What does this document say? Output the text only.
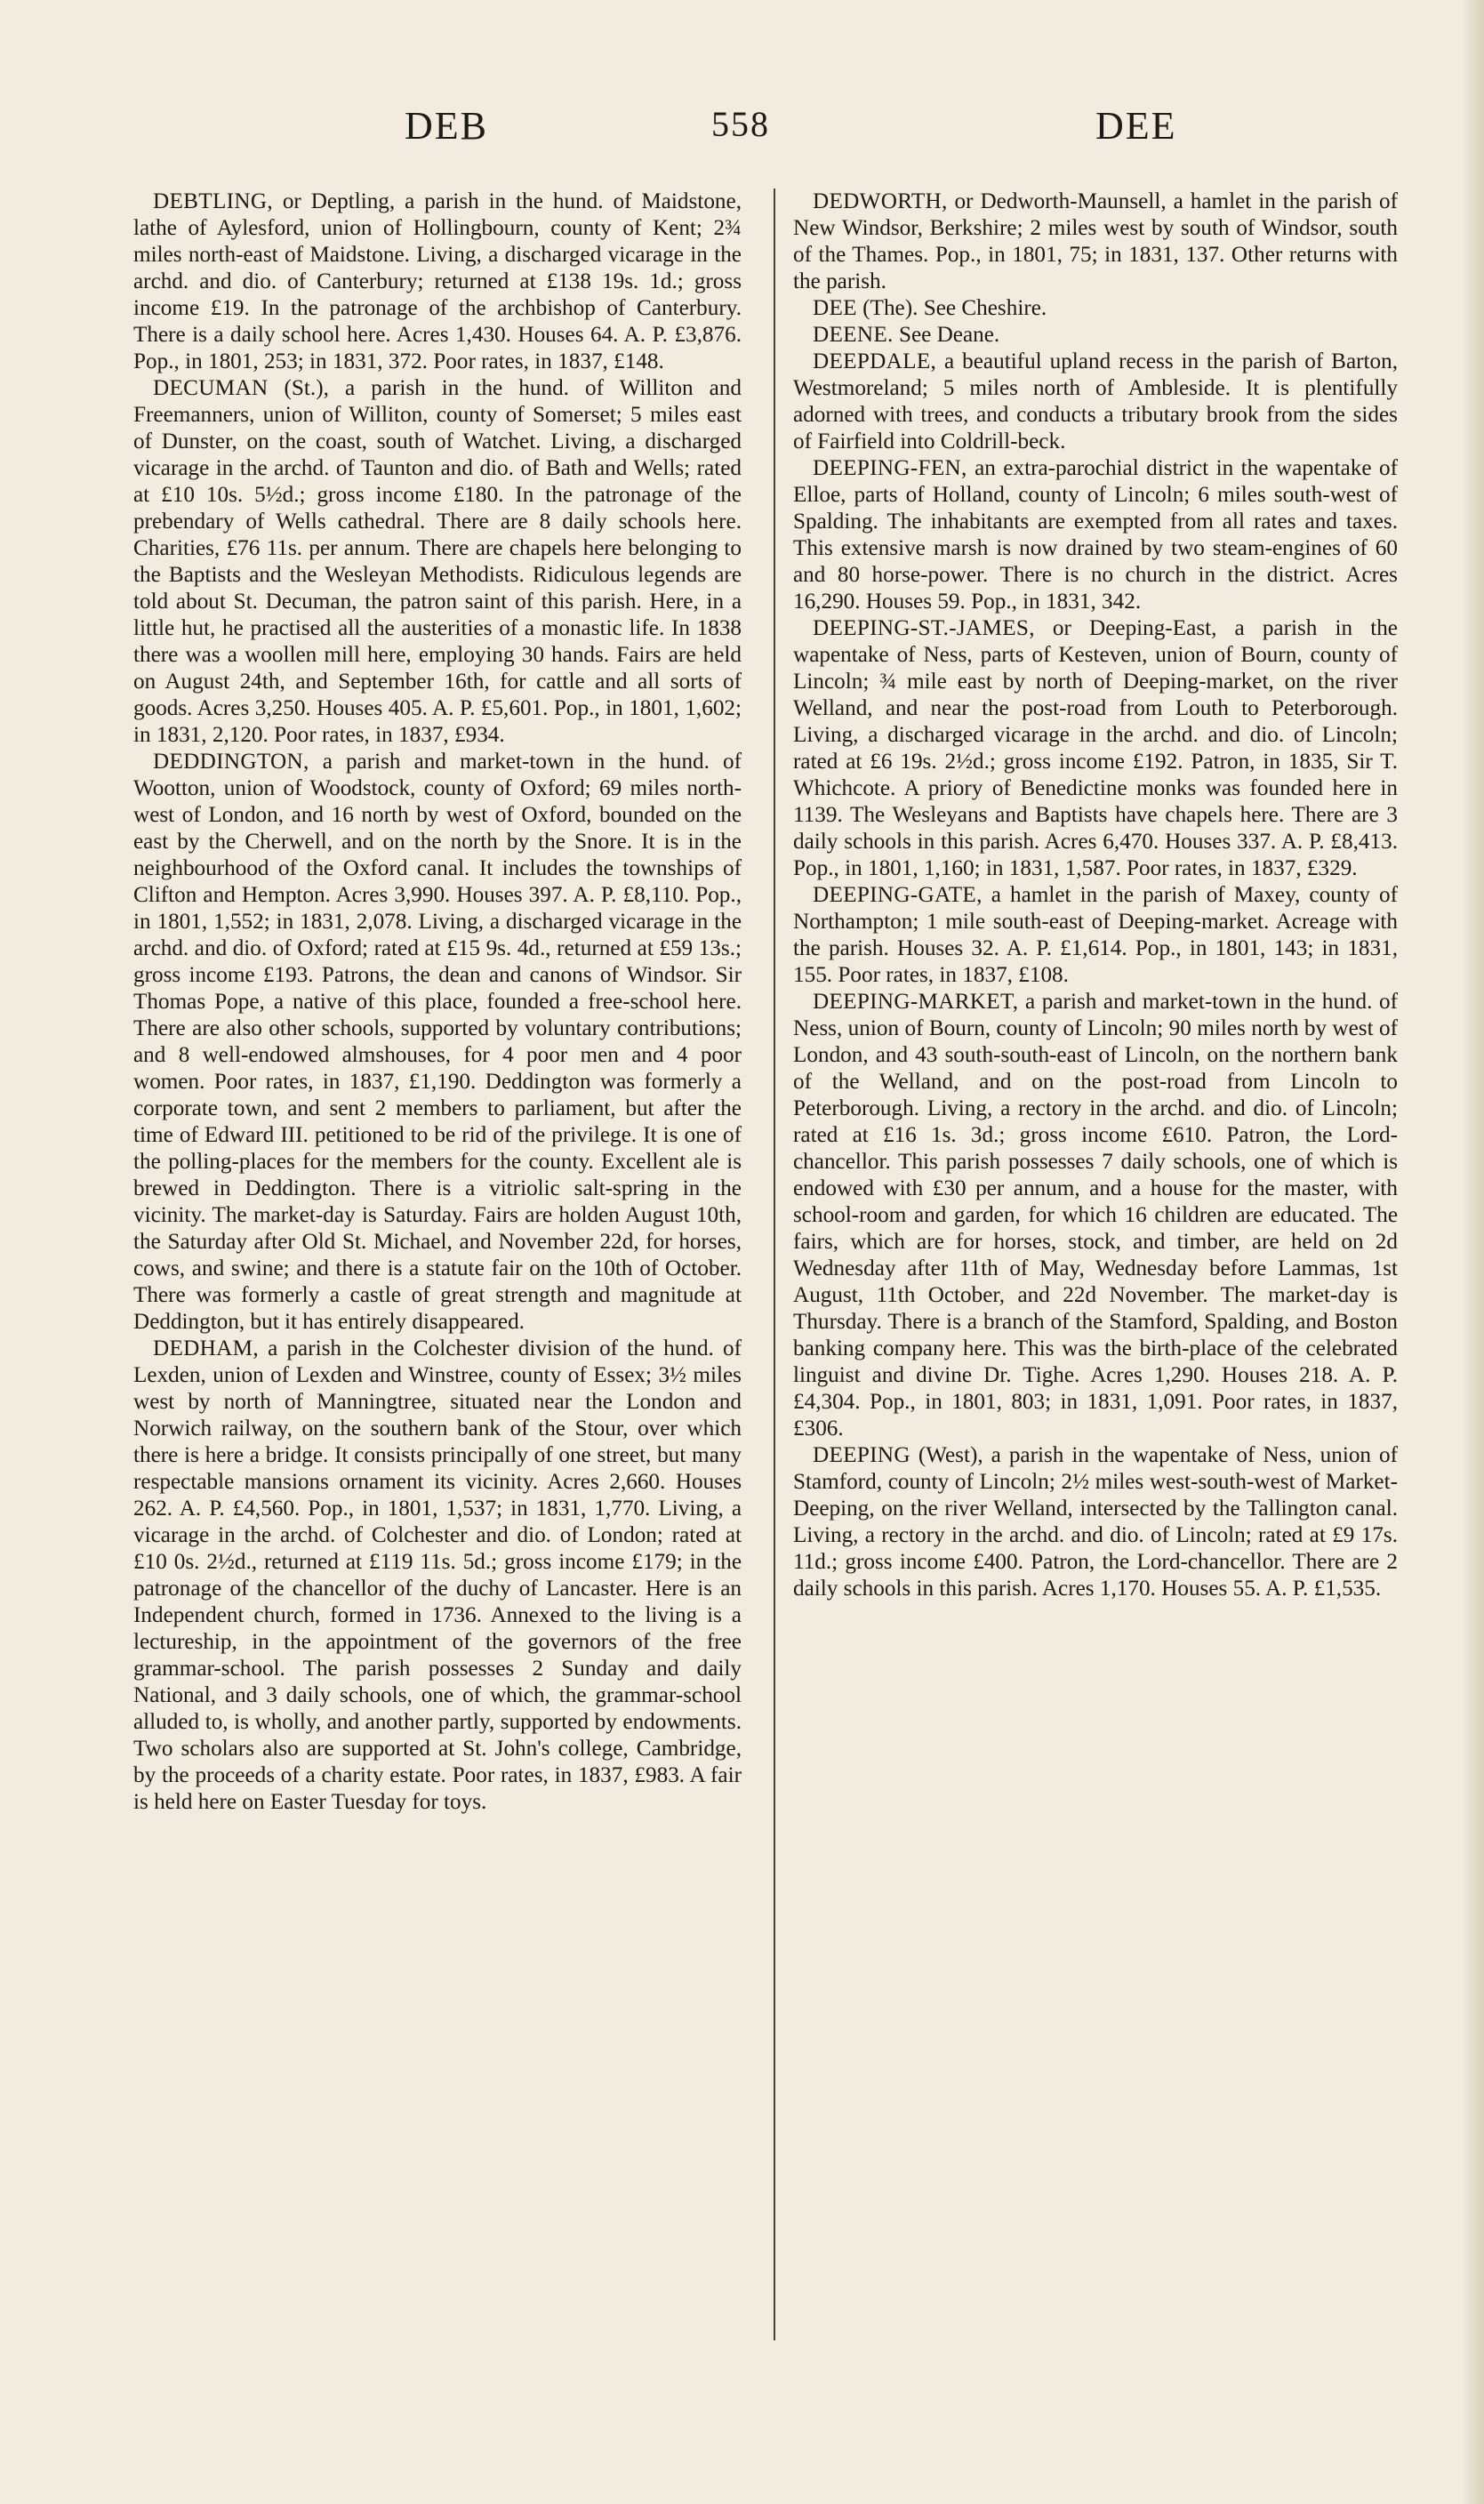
DEB	558	DEE

DEBTLING, or Deptling, a parish in the hund. of Maidstone, lathe of Aylesford, union of Hollingbourn, county of Kent; 2¾ miles north-east of Maidstone. Living, a discharged vicarage in the archd. and dio. of Canterbury; returned at £138 19s. 1d.; gross income £19. In the patronage of the archbishop of Canterbury. There is a daily school here. Acres 1,430. Houses 64. A. P. £3,876. Pop., in 1801, 253; in 1831, 372. Poor rates, in 1837, £148.

DECUMAN (St.), a parish in the hund. of Williton and Freemanners, union of Williton, county of Somerset; 5 miles east of Dunster, on the coast, south of Watchet. Living, a discharged vicarage in the archd. of Taunton and dio. of Bath and Wells; rated at £10 10s. 5½d.; gross income £180. In the patronage of the prebendary of Wells cathedral. There are 8 daily schools here. Charities, £76 11s. per annum. There are chapels here belonging to the Baptists and the Wesleyan Methodists. Ridiculous legends are told about St. Decuman, the patron saint of this parish. Here, in a little hut, he practised all the austerities of a monastic life. In 1838 there was a woollen mill here, employing 30 hands. Fairs are held on August 24th, and September 16th, for cattle and all sorts of goods. Acres 3,250. Houses 405. A. P. £5,601. Pop., in 1801, 1,602; in 1831, 2,120. Poor rates, in 1837, £934.

DEDDINGTON, a parish and market-town in the hund. of Wootton, union of Woodstock, county of Oxford; 69 miles north-west of London, and 16 north by west of Oxford, bounded on the east by the Cherwell, and on the north by the Snore. It is in the neighbourhood of the Oxford canal. It includes the townships of Clifton and Hempton. Acres 3,990. Houses 397. A. P. £8,110. Pop., in 1801, 1,552; in 1831, 2,078. Living, a discharged vicarage in the archd. and dio. of Oxford; rated at £15 9s. 4d., returned at £59 13s.; gross income £193. Patrons, the dean and canons of Windsor. Sir Thomas Pope, a native of this place, founded a free-school here. There are also other schools, supported by voluntary contributions; and 8 well-endowed almshouses, for 4 poor men and 4 poor women. Poor rates, in 1837, £1,190. Deddington was formerly a corporate town, and sent 2 members to parliament, but after the time of Edward III. petitioned to be rid of the privilege. It is one of the polling-places for the members for the county. Excellent ale is brewed in Deddington. There is a vitriolic salt-spring in the vicinity. The market-day is Saturday. Fairs are holden August 10th, the Saturday after Old St. Michael, and November 22d, for horses, cows, and swine; and there is a statute fair on the 10th of October. There was formerly a castle of great strength and magnitude at Deddington, but it has entirely disappeared.

DEDHAM, a parish in the Colchester division of the hund. of Lexden, union of Lexden and Winstree, county of Essex; 3½ miles west by north of Manningtree, situated near the London and Norwich railway, on the southern bank of the Stour, over which there is here a bridge. It consists principally of one street, but many respectable mansions ornament its vicinity. Acres 2,660. Houses 262. A. P. £4,560. Pop., in 1801, 1,537; in 1831, 1,770. Living, a vicarage in the archd. of Colchester and dio. of London; rated at £10 0s. 2½d., returned at £119 11s. 5d.; gross income £179; in the patronage of the chancellor of the duchy of Lancaster. Here is an Independent church, formed in 1736. Annexed to the living is a lectureship, in the appointment of the governors of the free grammar-school. The parish possesses 2 Sunday and daily National, and 3 daily schools, one of which, the grammar-school alluded to, is wholly, and another partly, supported by endowments. Two scholars also are supported at St. John's college, Cambridge, by the proceeds of a charity estate. Poor rates, in 1837, £983. A fair is held here on Easter Tuesday for toys.

DEDWORTH, or Dedworth-Maunsell, a hamlet in the parish of New Windsor, Berkshire; 2 miles west by south of Windsor, south of the Thames. Pop., in 1801, 75; in 1831, 137. Other returns with the parish.

DEE (The). See Cheshire.

DEENE. See Deane.

DEEPDALE, a beautiful upland recess in the parish of Barton, Westmoreland; 5 miles north of Ambleside. It is plentifully adorned with trees, and conducts a tributary brook from the sides of Fairfield into Coldrill-beck.

DEEPING-FEN, an extra-parochial district in the wapentake of Elloe, parts of Holland, county of Lincoln; 6 miles south-west of Spalding. The inhabitants are exempted from all rates and taxes. This extensive marsh is now drained by two steam-engines of 60 and 80 horse-power. There is no church in the district. Acres 16,290. Houses 59. Pop., in 1831, 342.

DEEPING-ST.-JAMES, or Deeping-East, a parish in the wapentake of Ness, parts of Kesteven, union of Bourn, county of Lincoln; ¾ mile east by north of Deeping-market, on the river Welland, and near the post-road from Louth to Peterborough. Living, a discharged vicarage in the archd. and dio. of Lincoln; rated at £6 19s. 2½d.; gross income £192. Patron, in 1835, Sir T. Whichcote. A priory of Benedictine monks was founded here in 1139. The Wesleyans and Baptists have chapels here. There are 3 daily schools in this parish. Acres 6,470. Houses 337. A. P. £8,413. Pop., in 1801, 1,160; in 1831, 1,587. Poor rates, in 1837, £329.

DEEPING-GATE, a hamlet in the parish of Maxey, county of Northampton; 1 mile south-east of Deeping-market. Acreage with the parish. Houses 32. A. P. £1,614. Pop., in 1801, 143; in 1831, 155. Poor rates, in 1837, £108.

DEEPING-MARKET, a parish and market-town in the hund. of Ness, union of Bourn, county of Lincoln; 90 miles north by west of London, and 43 south-south-east of Lincoln, on the northern bank of the Welland, and on the post-road from Lincoln to Peterborough. Living, a rectory in the archd. and dio. of Lincoln; rated at £16 1s. 3d.; gross income £610. Patron, the Lord-chancellor. This parish possesses 7 daily schools, one of which is endowed with £30 per annum, and a house for the master, with school-room and garden, for which 16 children are educated. The fairs, which are for horses, stock, and timber, are held on 2d Wednesday after 11th of May, Wednesday before Lammas, 1st August, 11th October, and 22d November. The market-day is Thursday. There is a branch of the Stamford, Spalding, and Boston banking company here. This was the birth-place of the celebrated linguist and divine Dr. Tighe. Acres 1,290. Houses 218. A. P. £4,304. Pop., in 1801, 803; in 1831, 1,091. Poor rates, in 1837, £306.

DEEPING (West), a parish in the wapentake of Ness, union of Stamford, county of Lincoln; 2½ miles west-south-west of Market-Deeping, on the river Welland, intersected by the Tallington canal. Living, a rectory in the archd. and dio. of Lincoln; rated at £9 17s. 11d.; gross income £400. Patron, the Lord-chancellor. There are 2 daily schools in this parish. Acres 1,170. Houses 55. A. P. £1,535.
